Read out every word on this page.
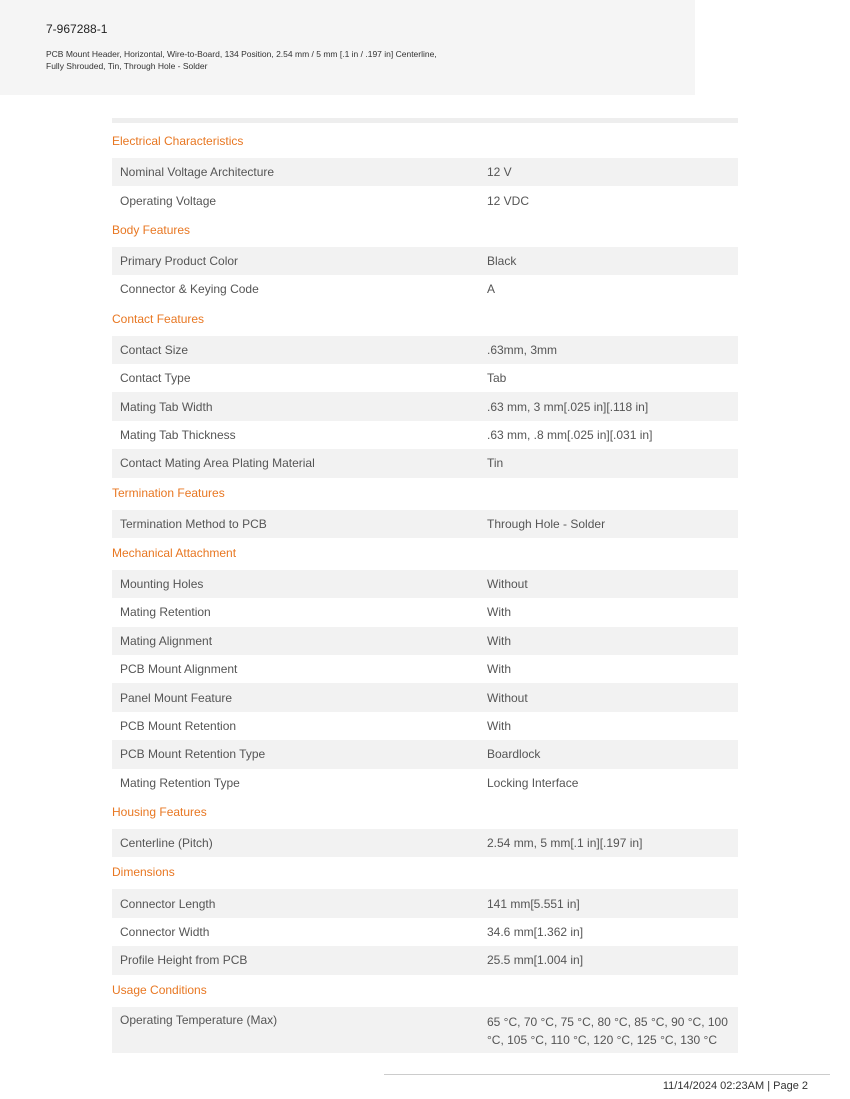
7-967288-1
PCB Mount Header, Horizontal, Wire-to-Board, 134 Position, 2.54 mm / 5 mm [.1 in / .197 in] Centerline, Fully Shrouded, Tin, Through Hole - Solder
Electrical Characteristics
Nominal Voltage Architecture	12 V
Operating Voltage	12 VDC
Body Features
Primary Product Color	Black
Connector & Keying Code	A
Contact Features
Contact Size	.63mm, 3mm
Contact Type	Tab
Mating Tab Width	.63 mm, 3 mm[.025 in][.118 in]
Mating Tab Thickness	.63 mm, .8 mm[.025 in][.031 in]
Contact Mating Area Plating Material	Tin
Termination Features
Termination Method to PCB	Through Hole - Solder
Mechanical Attachment
Mounting Holes	Without
Mating Retention	With
Mating Alignment	With
PCB Mount Alignment	With
Panel Mount Feature	Without
PCB Mount Retention	With
PCB Mount Retention Type	Boardlock
Mating Retention Type	Locking Interface
Housing Features
Centerline (Pitch)	2.54 mm, 5 mm[.1 in][.197 in]
Dimensions
Connector Length	141 mm[5.551 in]
Connector Width	34.6 mm[1.362 in]
Profile Height from PCB	25.5 mm[1.004 in]
Usage Conditions
Operating Temperature (Max)	65 °C, 70 °C, 75 °C, 80 °C, 85 °C, 90 °C, 100 °C, 105 °C, 110 °C, 120 °C, 125 °C, 130 °C
11/14/2024 02:23AM | Page 2
